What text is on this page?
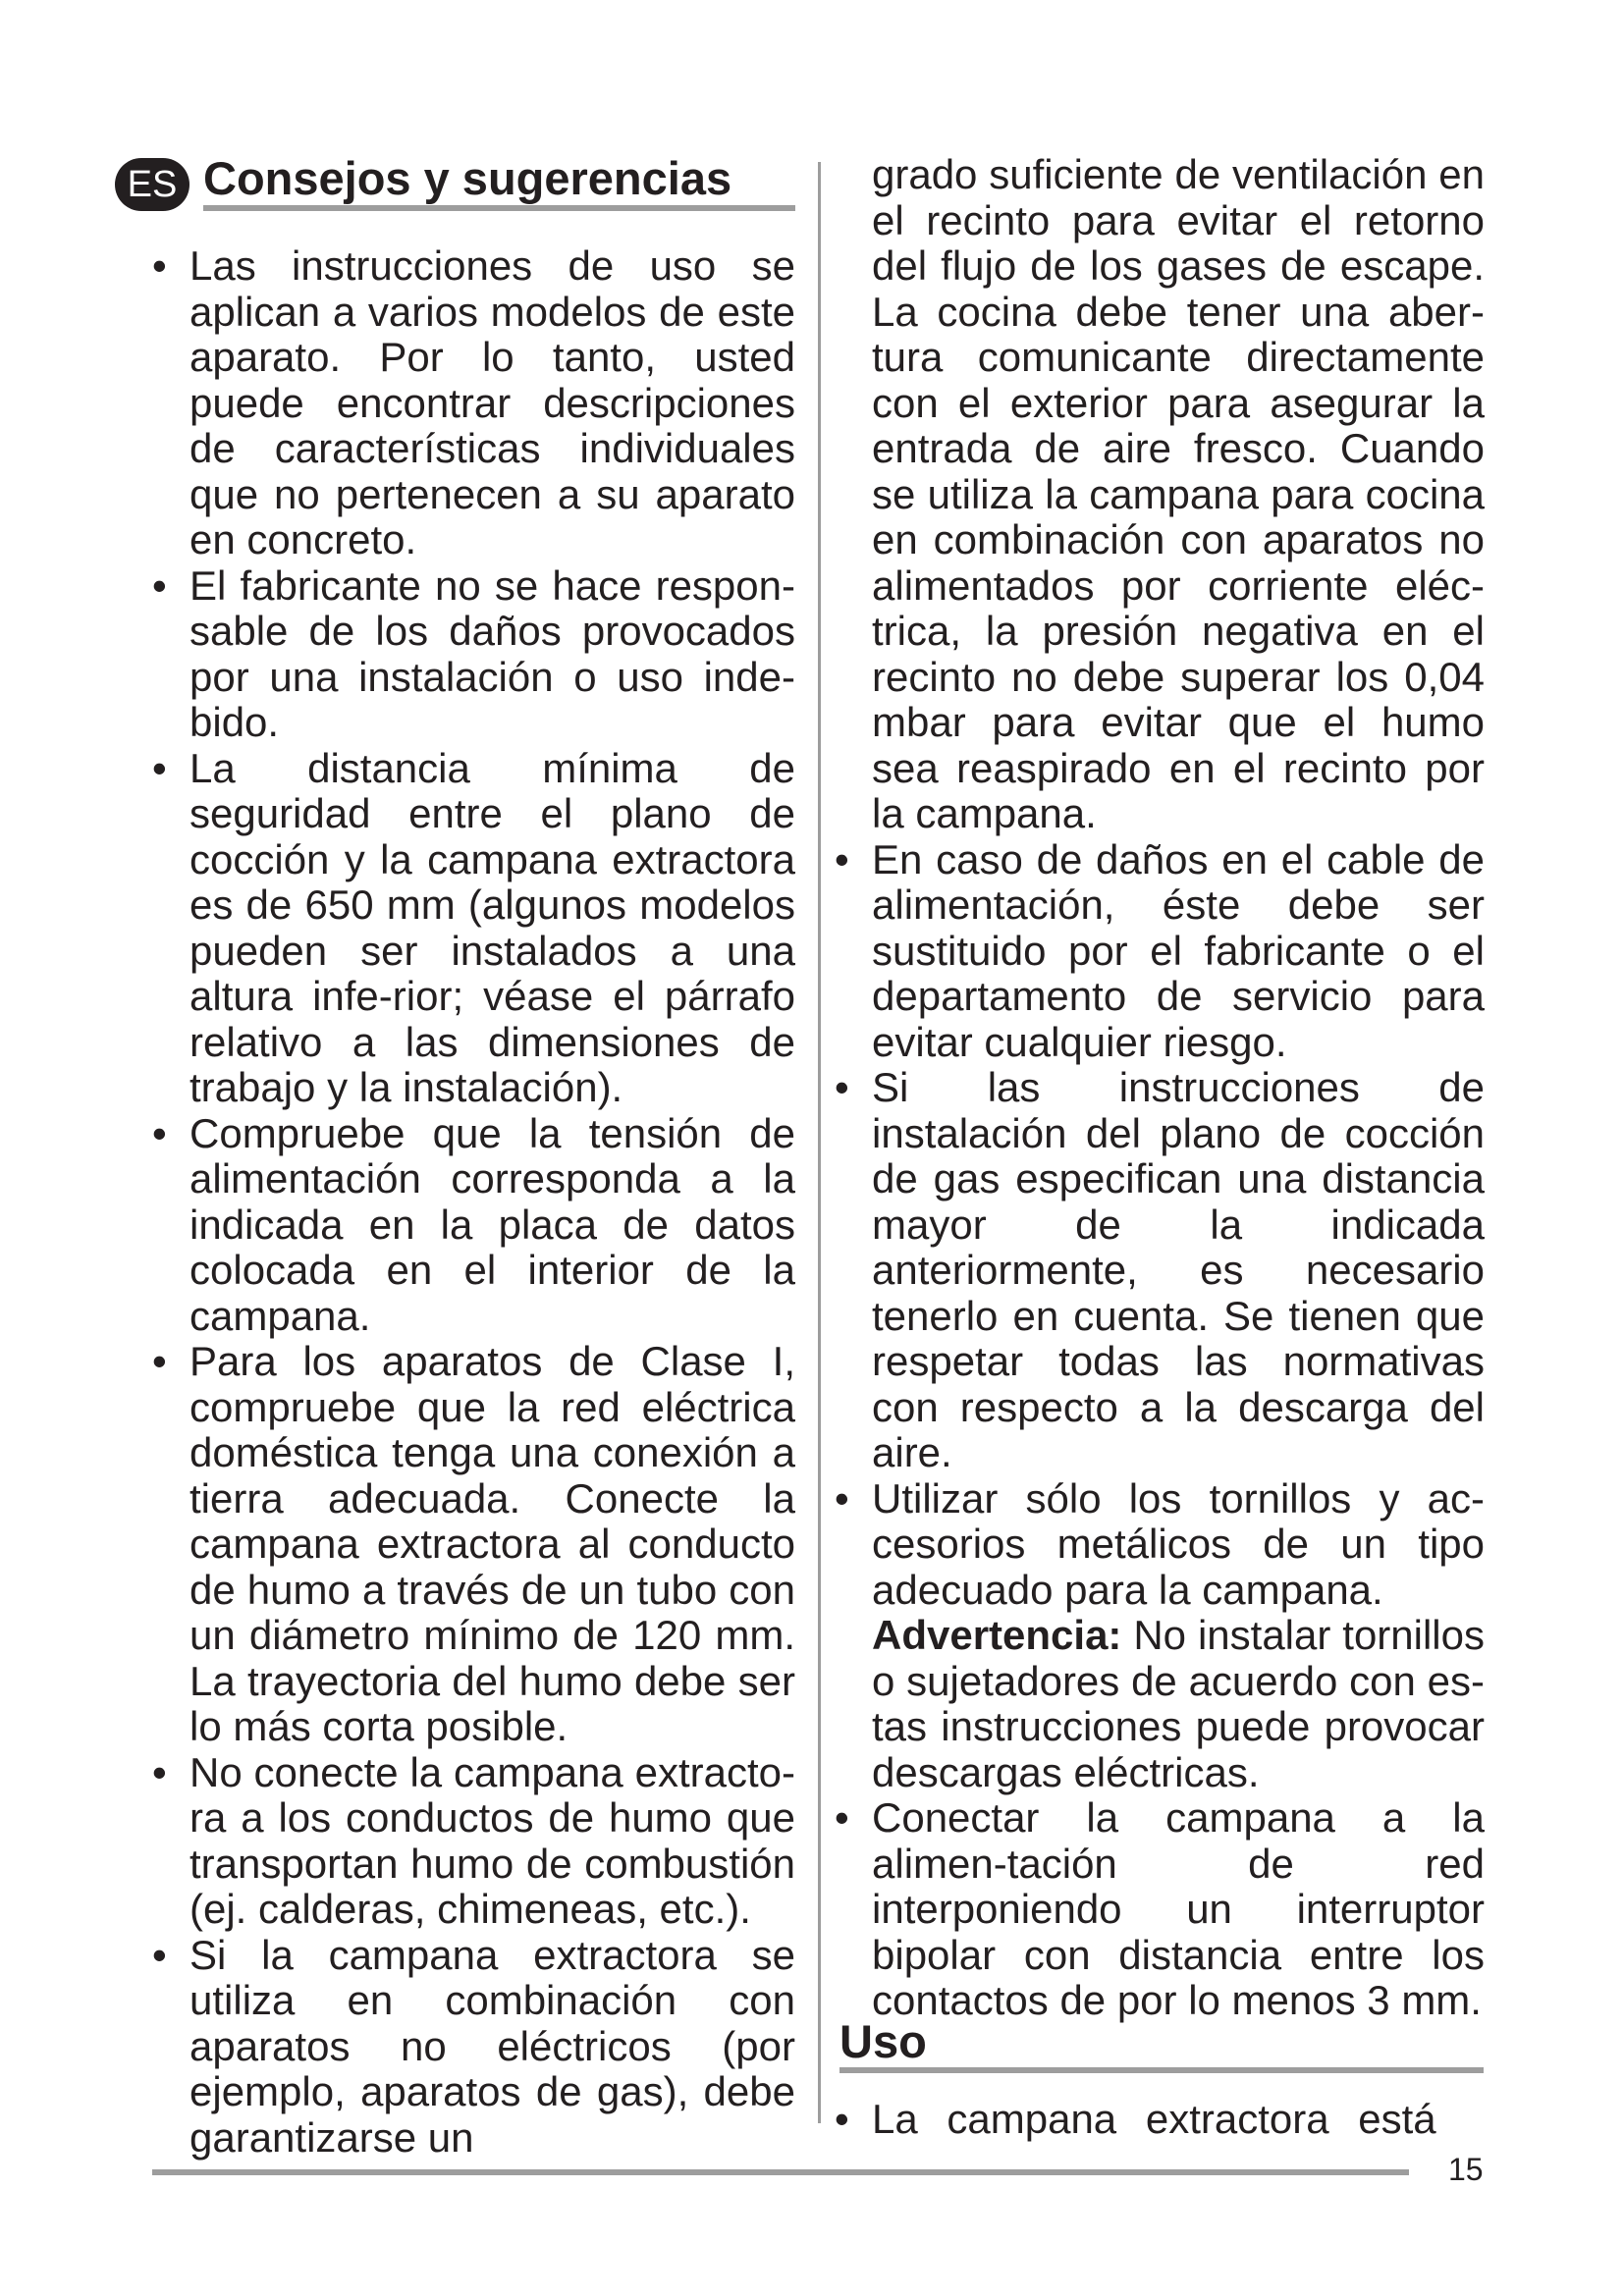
ES Consejos y sugerencias

• Las instrucciones de uso se aplican a varios modelos de este aparato. Por lo tanto, usted puede encontrar descripciones de características individuales que no pertenecen a su aparato en concreto.

• El fabricante no se hace respon-sable de los daños provocados por una instalación o uso inde-bido.

• La distancia mínima de seguridad entre el plano de cocción y la campana extractora es de 650 mm (algunos modelos pueden ser instalados a una altura infe-rior; véase el párrafo relativo a las dimensiones de trabajo y la instalación).

• Compruebe que la tensión de alimentación corresponda a la indicada en la placa de datos colocada en el interior de la campana.

• Para los aparatos de Clase I, compruebe que la red eléctrica doméstica tenga una conexión a tierra adecuada. Conecte la campana extractora al conducto de humo a través de un tubo con un diámetro mínimo de 120 mm. La trayectoria del humo debe ser lo más corta posible.

• No conecte la campana extracto-ra a los conductos de humo que transportan humo de combustión (ej. calderas, chimeneas, etc.).

• Si la campana extractora se utiliza en combinación con aparatos no eléctricos (por ejemplo, aparatos de gas), debe garantizarse un

grado suficiente de ventilación en el recinto para evitar el retorno del flujo de los gases de escape. La cocina debe tener una aber-tura comunicante directamente con el exterior para asegurar la entrada de aire fresco. Cuando se utiliza la campana para cocina en combinación con aparatos no alimentados por corriente eléc-trica, la presión negativa en el recinto no debe superar los 0,04 mbar para evitar que el humo sea reaspirado en el recinto por la campana.

• En caso de daños en el cable de alimentación, éste debe ser sustituido por el fabricante o el departamento de servicio para evitar cualquier riesgo.

• Si las instrucciones de instalación del plano de cocción de gas especifican una distancia mayor de la indicada anteriormente, es necesario tenerlo en cuenta. Se tienen que respetar todas las normativas con respecto a la descarga del aire.

• Utilizar sólo los tornillos y ac-cesorios metálicos de un tipo adecuado para la campana.

Advertencia: No instalar tornillos o sujetadores de acuerdo con es-tas instrucciones puede provocar descargas eléctricas.

• Conectar la campana a la alimen-tación de red interponiendo un interruptor bipolar con distancia entre los contactos de por lo menos 3 mm.

Uso

• La campana extractora está

15
